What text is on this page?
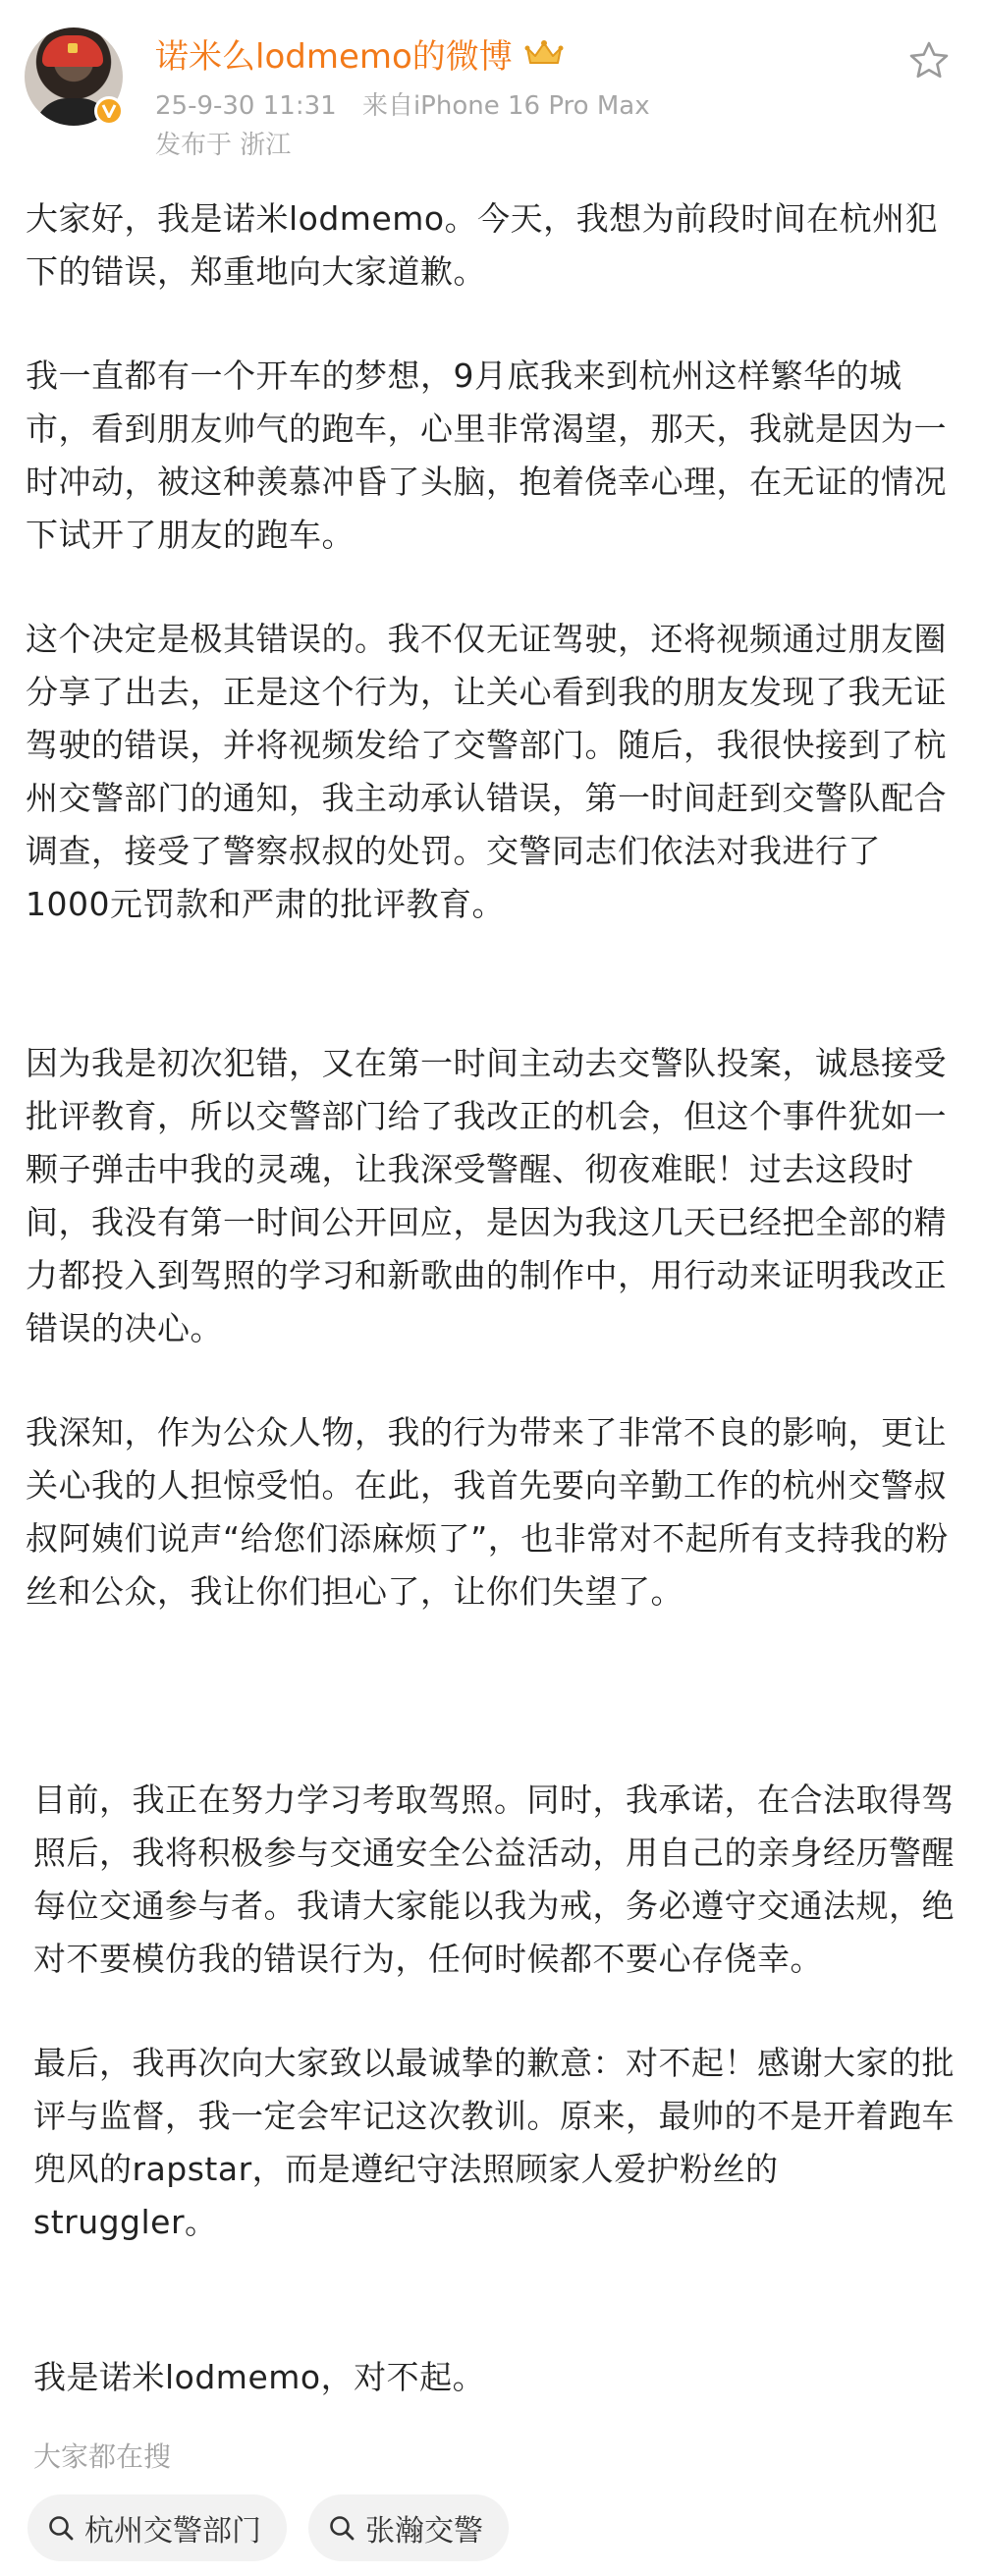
诺米么lodmemo的微博
25-9-30 11:31 来自iPhone 16 Pro Max
发布于 浙江

大家好，我是诺米lodmemo。今天，我想为前段时间在杭州犯下的错误，郑重地向大家道歉。

我一直都有一个开车的梦想，9月底我来到杭州这样繁华的城市，看到朋友帅气的跑车，心里非常渴望，那天，我就是因为一时冲动，被这种羡慕冲昏了头脑，抱着侥幸心理，在无证的情况下试开了朋友的跑车。

这个决定是极其错误的。我不仅无证驾驶，还将视频通过朋友圈分享了出去，正是这个行为，让关心看到我的朋友发现了我无证驾驶的错误，并将视频发给了交警部门。随后，我很快接到了杭州交警部门的通知，我主动承认错误，第一时间赶到交警队配合调查，接受了警察叔叔的处罚。交警同志们依法对我进行了1000元罚款和严肃的批评教育。

因为我是初次犯错，又在第一时间主动去交警队投案，诚恳接受批评教育，所以交警部门给了我改正的机会，但这个事件犹如一颗子弹击中我的灵魂，让我深受警醒、彻夜难眠！过去这段时间，我没有第一时间公开回应，是因为我这几天已经把全部的精力都投入到驾照的学习和新歌曲的制作中，用行动来证明我改正错误的决心。

我深知，作为公众人物，我的行为带来了非常不良的影响，更让关心我的人担惊受怕。在此，我首先要向辛勤工作的杭州交警叔叔阿姨们说声“给您们添麻烦了”，也非常对不起所有支持我的粉丝和公众，我让你们担心了，让你们失望了。

目前，我正在努力学习考取驾照。同时，我承诺，在合法取得驾照后，我将积极参与交通安全公益活动，用自己的亲身经历警醒每位交通参与者。我请大家能以我为戒，务必遵守交通法规，绝对不要模仿我的错误行为，任何时候都不要心存侥幸。

最后，我再次向大家致以最诚挚的歉意：对不起！感谢大家的批评与监督，我一定会牢记这次教训。原来，最帅的不是开着跑车兜风的rapstar，而是遵纪守法照顾家人爱护粉丝的struggler。

我是诺米lodmemo，对不起。

大家都在搜
杭州交警部门	张瀚交警
